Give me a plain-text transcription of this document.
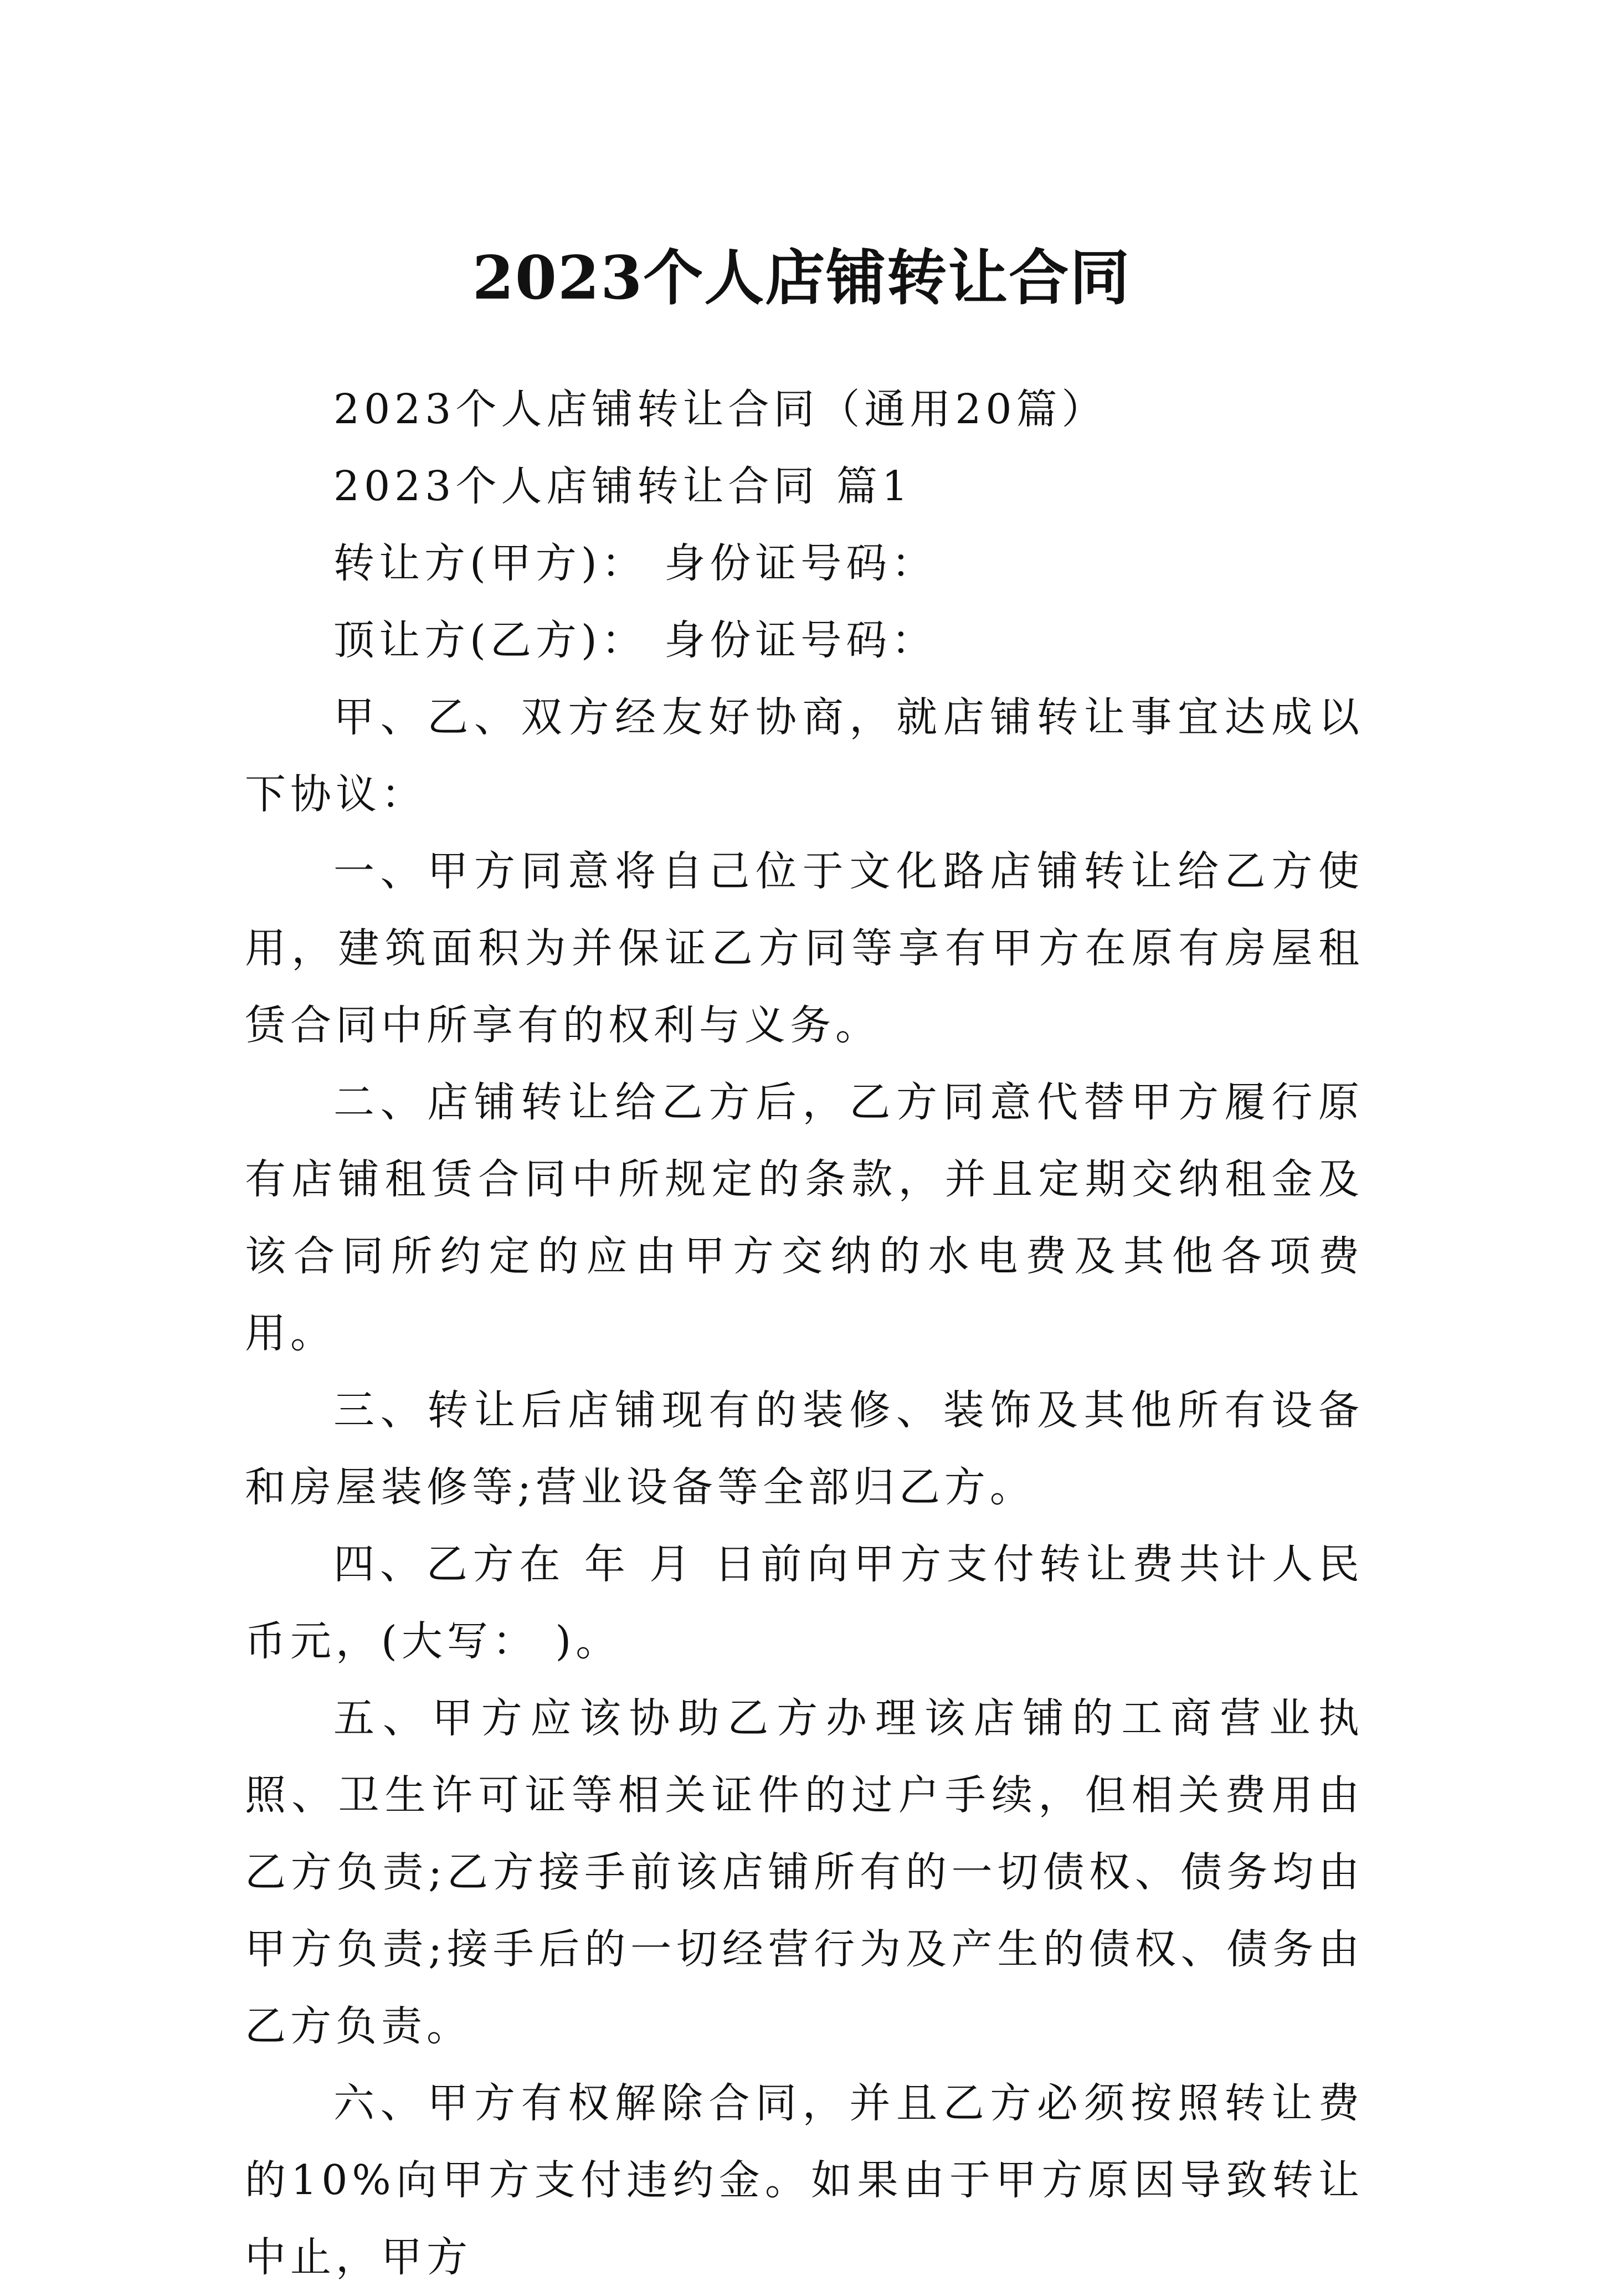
2023个人店铺转让合同

2023个人店铺转让合同（通用20篇）

2023个人店铺转让合同 篇1

转让方(甲方)： 身份证号码：

顶让方(乙方)： 身份证号码：

甲、乙、双方经友好协商，就店铺转让事宜达成以下协议：

一、甲方同意将自己位于文化路店铺转让给乙方使用，建筑面积为并保证乙方同等享有甲方在原有房屋租赁合同中所享有的权利与义务。

二、店铺转让给乙方后，乙方同意代替甲方履行原有店铺租赁合同中所规定的条款，并且定期交纳租金及该合同所约定的应由甲方交纳的水电费及其他各项费用。

三、转让后店铺现有的装修、装饰及其他所有设备和房屋装修等;营业设备等全部归乙方。

四、乙方在 年 月 日前向甲方支付转让费共计人民币元，(大写： )。

五、甲方应该协助乙方办理该店铺的工商营业执照、卫生许可证等相关证件的过户手续，但相关费用由乙方负责;乙方接手前该店铺所有的一切债权、债务均由甲方负责;接手后的一切经营行为及产生的债权、债务由乙方负责。

六、甲方有权解除合同，并且乙方必须按照转让费的10%向甲方支付违约金。如果由于甲方原因导致转让中止，甲方
